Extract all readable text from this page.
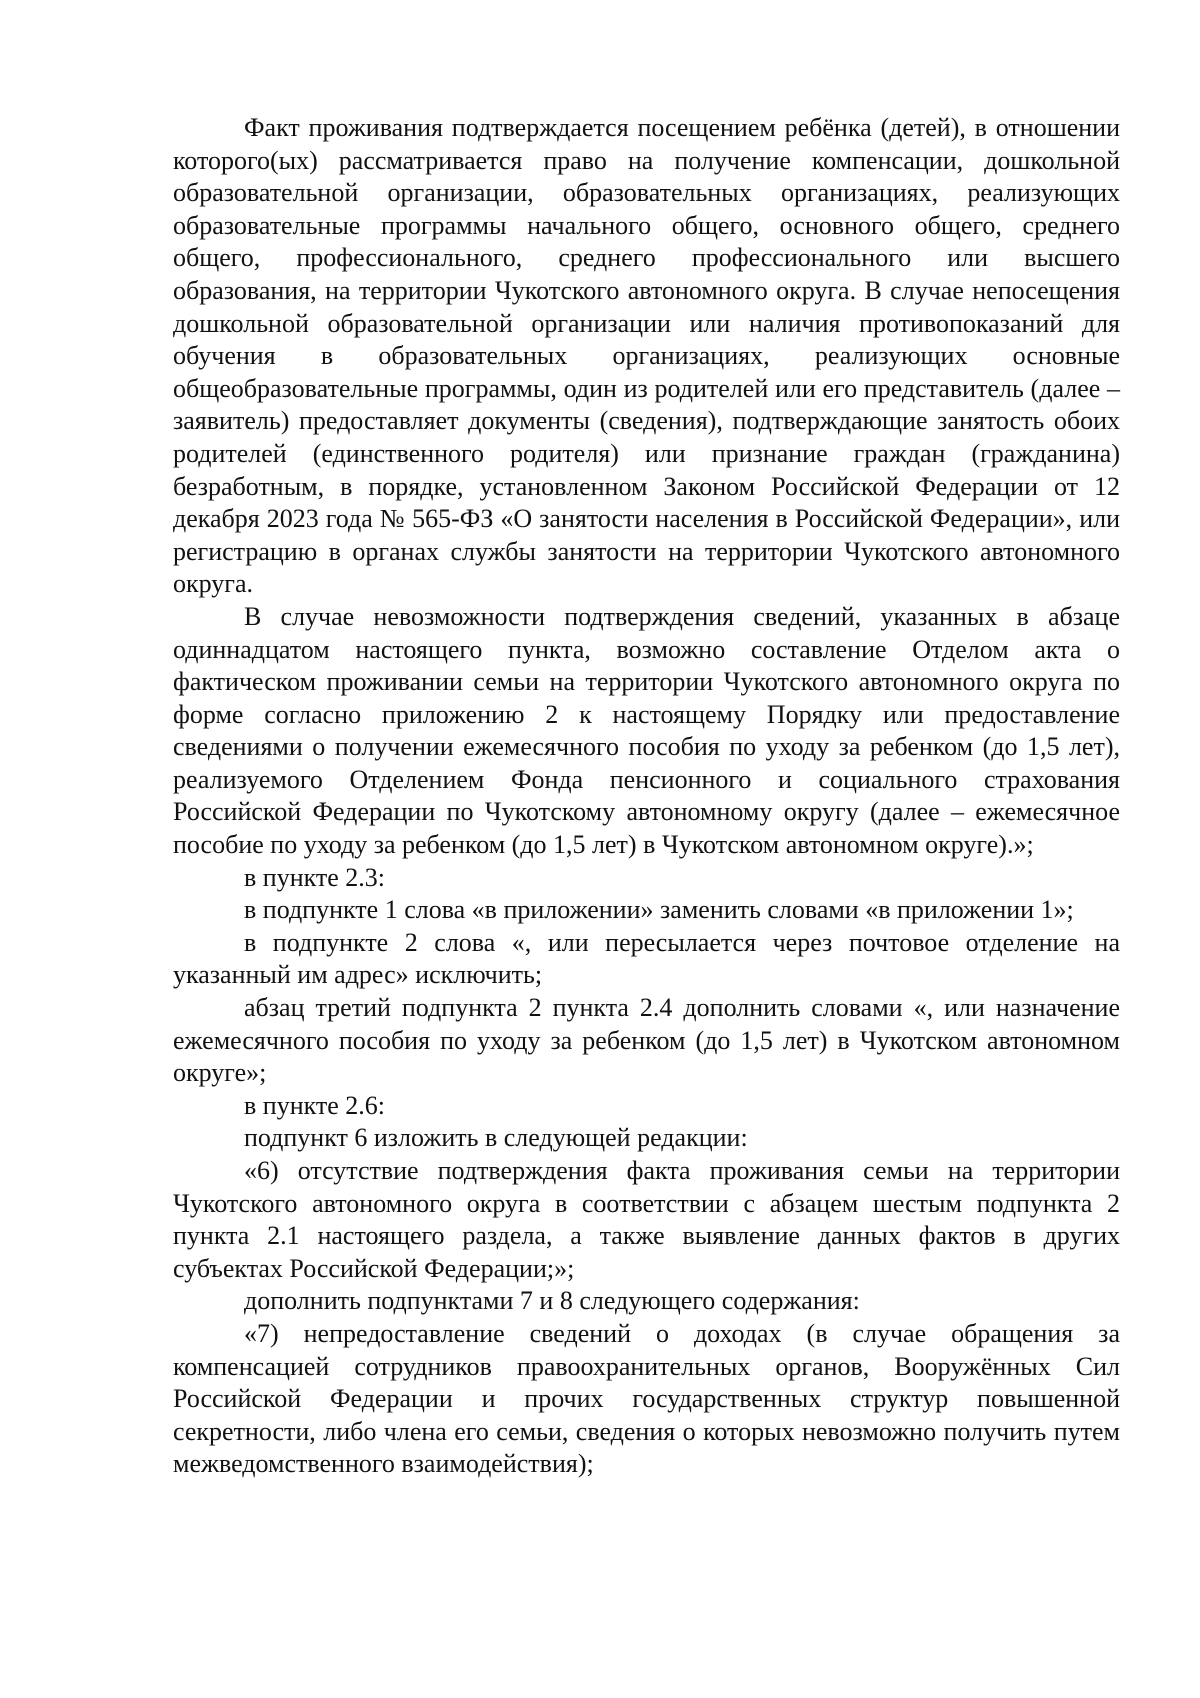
Факт проживания подтверждается посещением ребёнка (детей), в отношении которого(ых) рассматривается право на получение компенсации, дошкольной образовательной организации, образовательных организациях, реализующих образовательные программы начального общего, основного общего, среднего общего, профессионального, среднего профессионального или высшего образования, на территории Чукотского автономного округа. В случае непосещения дошкольной образовательной организации или наличия противопоказаний для обучения в образовательных организациях, реализующих основные общеобразовательные программы, один из родителей или его представитель (далее – заявитель) предоставляет документы (сведения), подтверждающие занятость обоих родителей (единственного родителя) или признание граждан (гражданина) безработным, в порядке, установленном Законом Российской Федерации от 12 декабря 2023 года № 565-ФЗ «О занятости населения в Российской Федерации», или регистрацию в органах службы занятости на территории Чукотского автономного округа.

В случае невозможности подтверждения сведений, указанных в абзаце одиннадцатом настоящего пункта, возможно составление Отделом акта о фактическом проживании семьи на территории Чукотского автономного округа по форме согласно приложению 2 к настоящему Порядку или предоставление сведениями о получении ежемесячного пособия по уходу за ребенком (до 1,5 лет), реализуемого Отделением Фонда пенсионного и социального страхования Российской Федерации по Чукотскому автономному округу (далее – ежемесячное пособие по уходу за ребенком (до 1,5 лет) в Чукотском автономном округе).»;

в пункте 2.3:

в подпункте 1 слова «в приложении» заменить словами «в приложении 1»;

в подпункте 2 слова «, или пересылается через почтовое отделение на указанный им адрес» исключить;

абзац третий подпункта 2 пункта 2.4 дополнить словами «, или назначение ежемесячного пособия по уходу за ребенком (до 1,5 лет) в Чукотском автономном округе»;

в пункте 2.6:

подпункт 6 изложить в следующей редакции:

«6) отсутствие подтверждения факта проживания семьи на территории Чукотского автономного округа в соответствии с абзацем шестым подпункта 2 пункта 2.1 настоящего раздела, а также выявление данных фактов в других субъектах Российской Федерации;»;

дополнить подпунктами 7 и 8 следующего содержания:

«7) непредоставление сведений о доходах (в случае обращения за компенсацией сотрудников правоохранительных органов, Вооружённых Сил Российской Федерации и прочих государственных структур повышенной секретности, либо члена его семьи, сведения о которых невозможно получить путем межведомственного взаимодействия);
